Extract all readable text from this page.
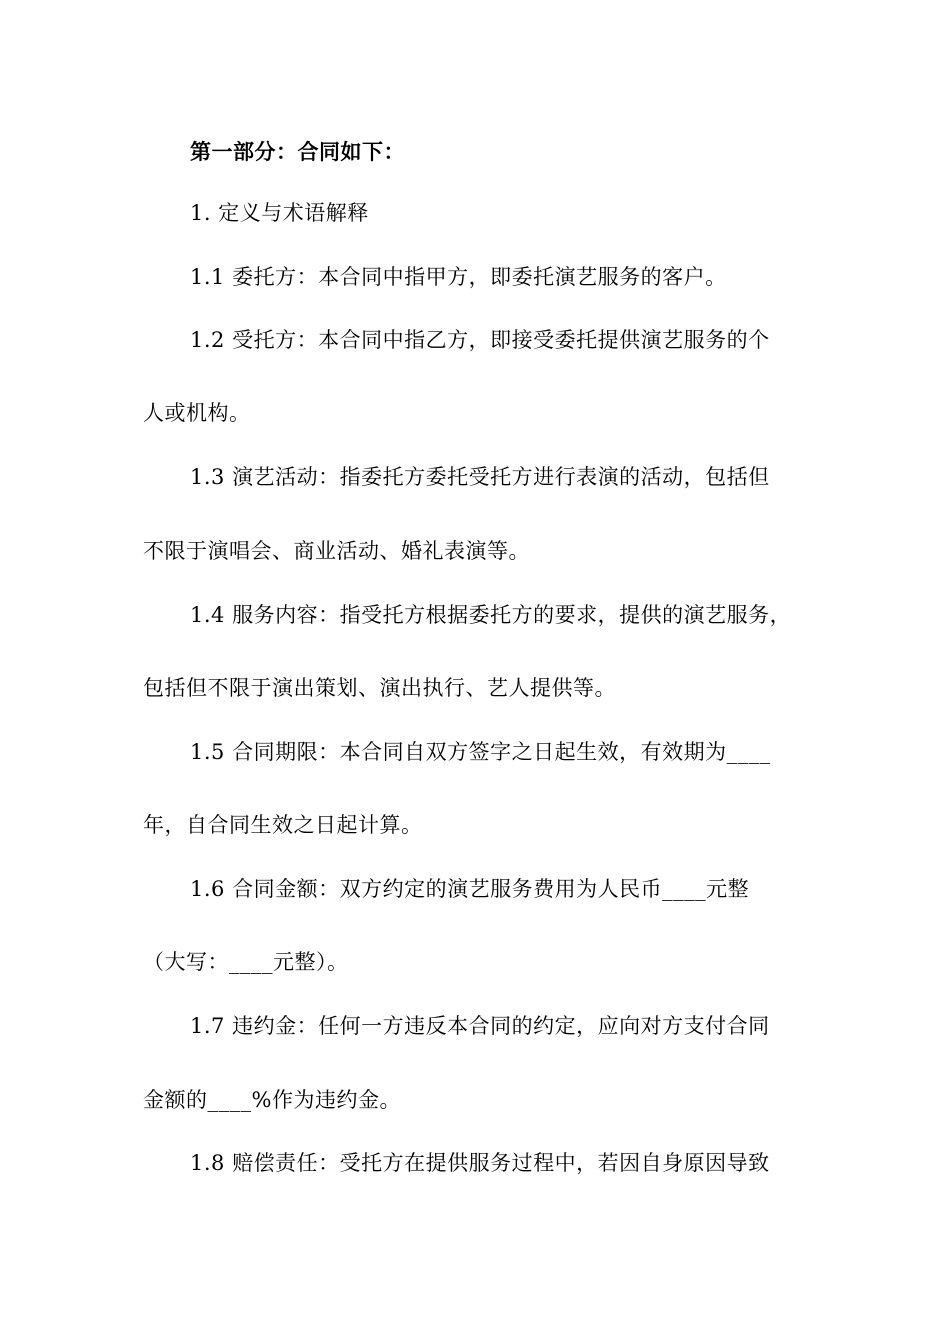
第一部分：合同如下：
1. 定义与术语解释
1.1 委托方：本合同中指甲方，即委托演艺服务的客户。
1.2 受托方：本合同中指乙方，即接受委托提供演艺服务的个
人或机构。
1.3 演艺活动：指委托方委托受托方进行表演的活动，包括但
不限于演唱会、商业活动、婚礼表演等。
1.4 服务内容：指受托方根据委托方的要求，提供的演艺服务，
包括但不限于演出策划、演出执行、艺人提供等。
1.5 合同期限：本合同自双方签字之日起生效，有效期为____
年，自合同生效之日起计算。
1.6 合同金额：双方约定的演艺服务费用为人民币____元整
（大写：____元整）。
1.7 违约金：任何一方违反本合同的约定，应向对方支付合同
金额的____%作为违约金。
1.8 赔偿责任：受托方在提供服务过程中，若因自身原因导致
